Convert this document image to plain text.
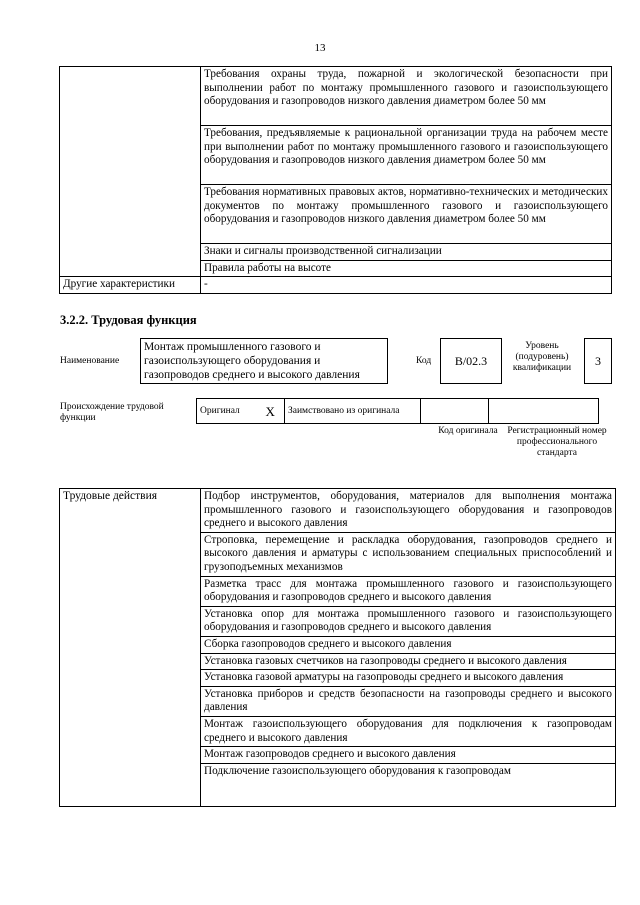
13
	Требования охраны труда, пожарной и экологической безопасности при выполнении работ по монтажу промышленного газового и газоиспользующего оборудования и газопроводов низкого давления диаметром более 50 мм
	Требования, предъявляемые к рациональной организации труда на рабочем месте при выполнении работ по монтажу промышленного газового и газоиспользующего оборудования и газопроводов низкого давления диаметром более 50 мм
	Требования нормативных правовых актов, нормативно-технических и методических документов по монтажу промышленного газового и газоиспользующего оборудования и газопроводов низкого давления диаметром более 50 мм
	Знаки и сигналы производственной сигнализации
	Правила работы на высоте
Другие характеристики	-
3.2.2. Трудовая функция
Наименование
Монтаж промышленного газового и газоиспользующего оборудования и газопроводов среднего и высокого давления
Код	B/02.3
Уровень (подуровень) квалификации
3
Происхождение трудовой функции
Оригинал	X	Заимствовано из оригинала		
Код оригинала	Регистрационный номер профессионального стандарта
Трудовые действия	Подбор инструментов, оборудования, материалов для выполнения монтажа промышленного газового и газоиспользующего оборудования и газопроводов среднего и высокого давления
Строповка, перемещение и раскладка оборудования, газопроводов среднего и высокого давления и арматуры с использованием специальных приспособлений и грузоподъемных механизмов
Разметка трасс для монтажа промышленного газового и газоиспользующего оборудования и газопроводов среднего и высокого давления
Установка опор для монтажа промышленного газового и газоиспользующего оборудования и газопроводов среднего и высокого давления
Сборка газопроводов среднего и высокого давления
Установка газовых счетчиков на газопроводы среднего и высокого давления
Установка газовой арматуры на газопроводы среднего и высокого давления
Установка приборов и средств безопасности на газопроводы среднего и высокого давления
Монтаж газоиспользующего оборудования для подключения к газопроводам среднего и высокого давления
Монтаж газопроводов среднего и высокого давления
Подключение газоиспользующего оборудования к газопроводам
